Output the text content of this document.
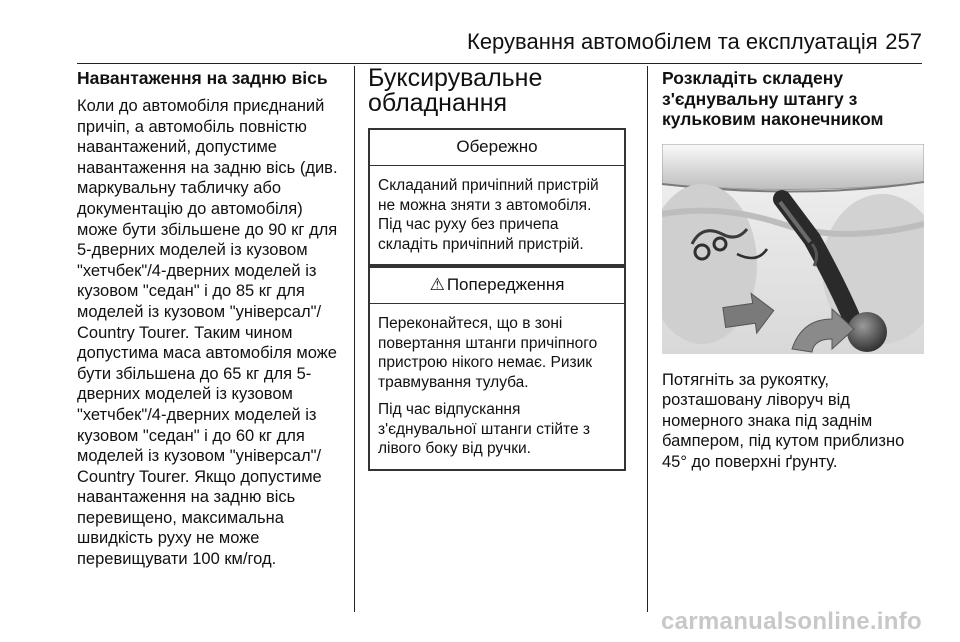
Керування автомобілем та експлуатація 257
Навантаження на задню вісь

Коли до автомобіля приєднаний причіп, а автомобіль повністю навантажений, допустиме навантаження на задню вісь (див. маркувальну табличку або документацію до автомобіля) може бути збільшене до 90 кг для 5-дверних моделей із кузовом "хетчбек"/4-дверних моделей із кузовом "седан" і до 85 кг для моделей із кузовом "універсал"/ Country Tourer. Таким чином допустима маса автомобіля може бути збільшена до 65 кг для 5-дверних моделей із кузовом "хетчбек"/4-дверних моделей із кузовом "седан" і до 60 кг для моделей із кузовом "універсал"/ Country Tourer. Якщо допустиме навантаження на задню вісь перевищено, максимальна швидкість руху не може перевищувати 100 км/год.

Буксирувальне
обладнання
Обережно

Складаний причіпний пристрій не можна зняти з автомобіля. Під час руху без причепа складіть причіпний пристрій.

⚠ Попередження

Переконайтеся, що в зоні повертання штанги причіпного пристрою нікого немає. Ризик травмування тулуба.

Під час відпускання з'єднувальної штанги стійте з лівого боку від ручки.

Розкладіть складену
з'єднувальну штангу з
кульковим наконечником
Потягніть за рукоятку, розташовану ліворуч від номерного знака під заднім бампером, під кутом приблизно 45° до поверхні ґрунту.
carmanualsonline.info
